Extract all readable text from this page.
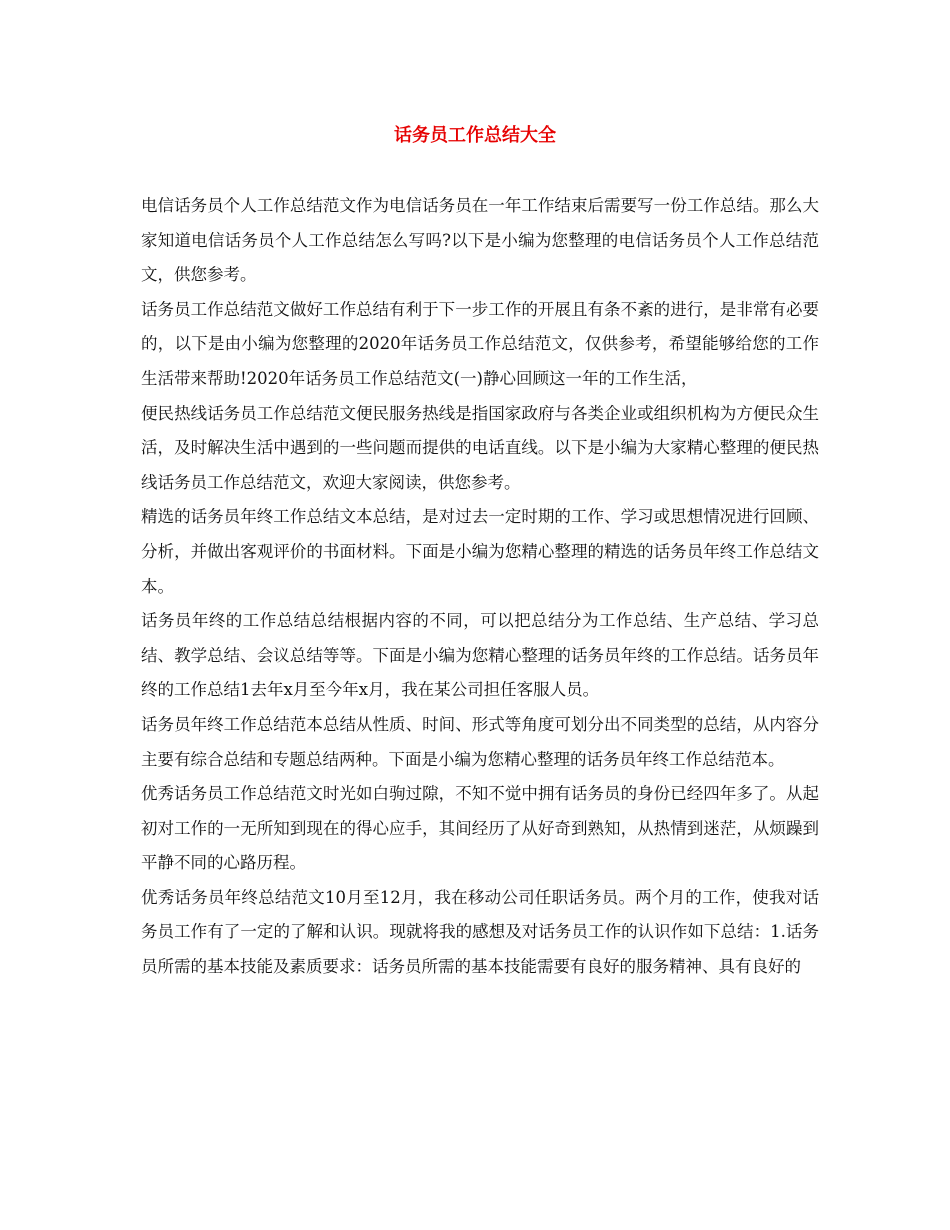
话务员工作总结大全

电信话务员个人工作总结范文作为电信话务员在一年工作结束后需要写一份工作总结。那么大家知道电信话务员个人工作总结怎么写吗?以下是小编为您整理的电信话务员个人工作总结范文，供您参考。

话务员工作总结范文做好工作总结有利于下一步工作的开展且有条不紊的进行，是非常有必要的，以下是由小编为您整理的2020年话务员工作总结范文，仅供参考，希望能够给您的工作生活带来帮助!2020年话务员工作总结范文(一)静心回顾这一年的工作生活，

便民热线话务员工作总结范文便民服务热线是指国家政府与各类企业或组织机构为方便民众生活，及时解决生活中遇到的一些问题而提供的电话直线。以下是小编为大家精心整理的便民热线话务员工作总结范文，欢迎大家阅读，供您参考。

精选的话务员年终工作总结文本总结，是对过去一定时期的工作、学习或思想情况进行回顾、分析，并做出客观评价的书面材料。下面是小编为您精心整理的精选的话务员年终工作总结文本。

话务员年终的工作总结总结根据内容的不同，可以把总结分为工作总结、生产总结、学习总结、教学总结、会议总结等等。下面是小编为您精心整理的话务员年终的工作总结。话务员年终的工作总结1去年x月至今年x月，我在某公司担任客服人员。

话务员年终工作总结范本总结从性质、时间、形式等角度可划分出不同类型的总结，从内容分主要有综合总结和专题总结两种。下面是小编为您精心整理的话务员年终工作总结范本。

优秀话务员工作总结范文时光如白驹过隙，不知不觉中拥有话务员的身份已经四年多了。从起初对工作的一无所知到现在的得心应手，其间经历了从好奇到熟知，从热情到迷茫，从烦躁到平静不同的心路历程。

优秀话务员年终总结范文10月至12月，我在移动公司任职话务员。两个月的工作，使我对话务员工作有了一定的了解和认识。现就将我的感想及对话务员工作的认识作如下总结：1.话务员所需的基本技能及素质要求：话务员所需的基本技能需要有良好的服务精神、具有良好的
